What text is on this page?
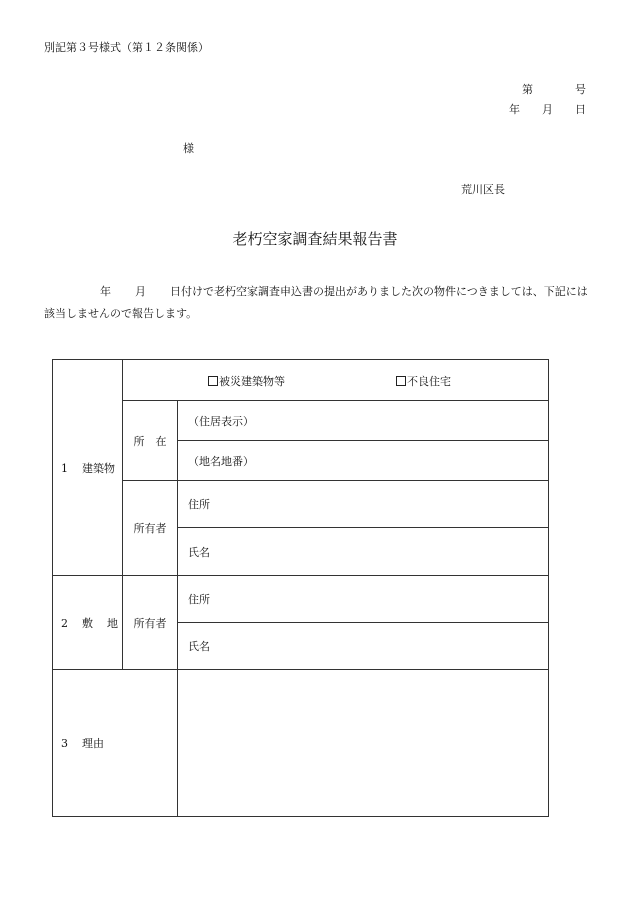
別記第３号様式（第１２条関係）
第	号
年 月 日
様
荒川区長
老朽空家調査結果報告書
年 月 日付けで老朽空家調査申込書の提出がありました次の物件につきましては、下記には該当しませんので報告します。
1 建築物	被災建築物等 不良住宅	

	所　在	（住居表示）
		（地名地番）
	所有者	住所
		氏名
2 敷 地	所有者	住所
		氏名
3 理由		
